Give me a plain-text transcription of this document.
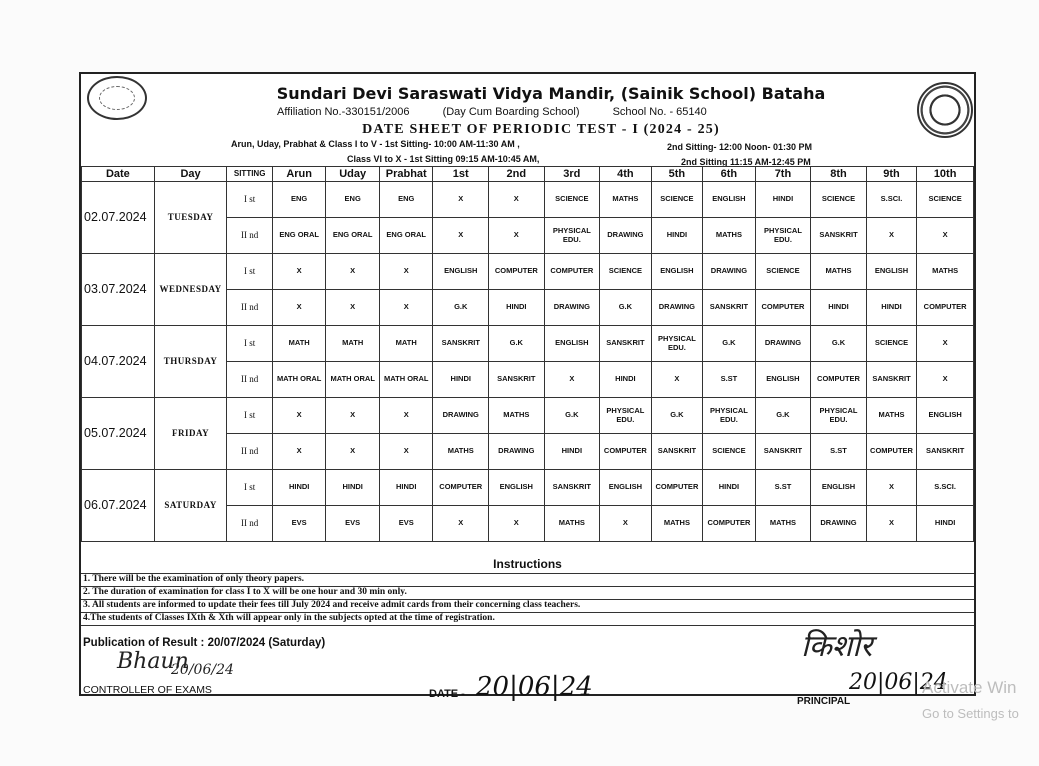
Sundari Devi Saraswati Vidya Mandir, (Sainik School) Bataha
Affiliation No.-330151/2006	(Day Cum Boarding School)	School No. - 65140
DATE SHEET OF PERIODIC TEST - I (2024 - 25)
Arun, Uday, Prabhat & Class I to V - 1st Sitting- 10:00 AM-11:30 AM ,
Class VI to X - 1st Sitting 09:15 AM-10:45 AM,
2nd Sitting- 12:00 Noon- 01:30 PM
2nd Sitting 11:15 AM-12:45 PM
Date	Day	SITTING	Arun	Uday	Prabhat	1st	2nd	3rd	4th	5th	6th	7th	8th	9th	10th
02.07.2024	TUESDAY	I st	ENG	ENG	ENG	X	X	SCIENCE	MATHS	SCIENCE	ENGLISH	HINDI	SCIENCE	S.SCI.	SCIENCE
		II nd	ENG ORAL	ENG ORAL	ENG ORAL	X	X	PHYSICAL EDU.	DRAWING	HINDI	MATHS	PHYSICAL EDU.	SANSKRIT	X	X
03.07.2024	WEDNESDAY	I st	X	X	X	ENGLISH	COMPUTER	COMPUTER	SCIENCE	ENGLISH	DRAWING	SCIENCE	MATHS	ENGLISH	MATHS
		II nd	X	X	X	G.K	HINDI	DRAWING	G.K	DRAWING	SANSKRIT	COMPUTER	HINDI	HINDI	COMPUTER
04.07.2024	THURSDAY	I st	MATH	MATH	MATH	SANSKRIT	G.K	ENGLISH	SANSKRIT	PHYSICAL EDU.	G.K	DRAWING	G.K	SCIENCE	X
		II nd	MATH ORAL	MATH ORAL	MATH ORAL	HINDI	SANSKRIT	X	HINDI	X	S.ST	ENGLISH	COMPUTER	SANSKRIT	X
05.07.2024	FRIDAY	I st	X	X	X	DRAWING	MATHS	G.K	PHYSICAL EDU.	G.K	PHYSICAL EDU.	G.K	PHYSICAL EDU.	MATHS	ENGLISH
		II nd	X	X	X	MATHS	DRAWING	HINDI	COMPUTER	SANSKRIT	SCIENCE	SANSKRIT	S.ST	COMPUTER	SANSKRIT
06.07.2024	SATURDAY	I st	HINDI	HINDI	HINDI	COMPUTER	ENGLISH	SANSKRIT	ENGLISH	COMPUTER	HINDI	S.ST	ENGLISH	X	S.SCI.
		II nd	EVS	EVS	EVS	X	X	MATHS	X	MATHS	COMPUTER	MATHS	DRAWING	X	HINDI
Instructions
1. There will be the examination of only theory papers.
2. The duration of examination for class I to X will be one hour and 30 min only.
3. All students are informed to update their fees till July 2024 and receive admit cards from their concerning class teachers.
4.The students of Classes IXth & Xth will appear only in the subjects opted at the time of registration.
Publication of Result : 20/07/2024 (Saturday)
Bhaun
20/06/24
CONTROLLER OF EXAMS	DATE - 20|06|24
किशोर
20|06|24
PRINCIPAL
Activate Win
Go to Settings to
